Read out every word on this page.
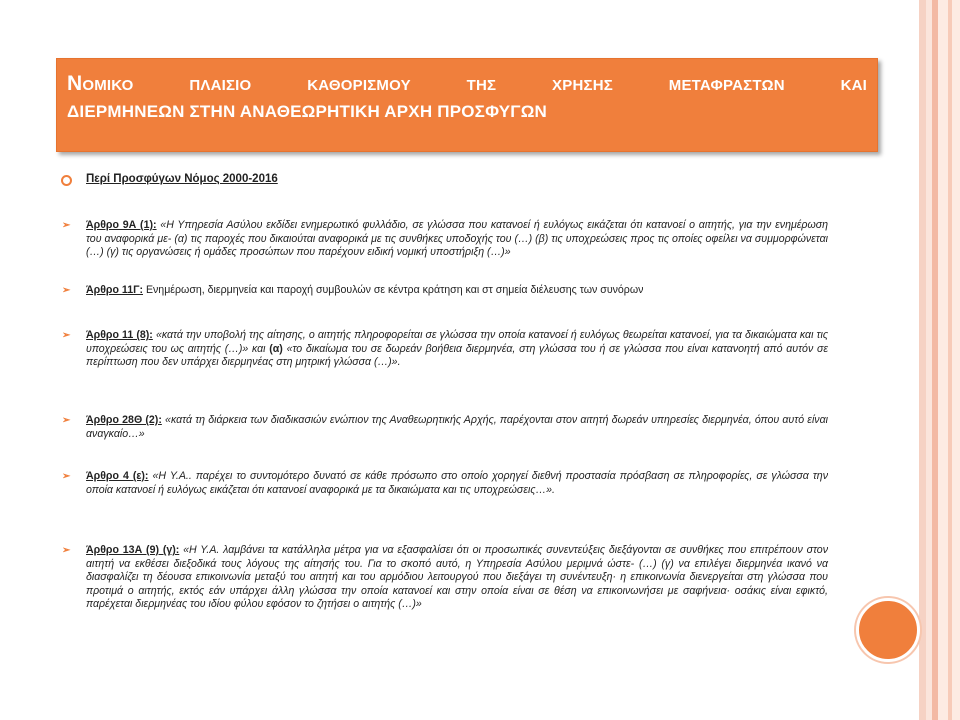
Νομικο πλαισιο καθορισμου της χρησης μεταφραστων και
ΔΙΕΡΜΗΝΕΩΝ ΣΤΗΝ ΑΝΑΘΕΩΡΗΤΙΚΗ ΑΡΧΗ ΠΡΟΣΦΥΓΩΝ
Περί Προσφύγων Νόμος 2000-2016
➢ Άρθρο 9Α (1): «Η Υπηρεσία Ασύλου εκδίδει ενημερωτικό φυλλάδιο, σε γλώσσα που κατανοεί ή ευλόγως εικάζεται ότι κατανοεί ο αιτητής, για την ενημέρωση του αναφορικά με- (α) τις παροχές που δικαιούται αναφορικά με τις συνθήκες υποδοχής του (…) (β) τις υποχρεώσεις προς τις οποίες οφείλει να συμμορφώνεται (…) (γ) τις οργανώσεις ή ομάδες προσώπων που παρέχουν ειδική νομική υποστήριξη (…)»
➢ Άρθρο 11Γ: Ενημέρωση, διερμηνεία και παροχή συμβουλών σε κέντρα κράτηση και στ σημεία διέλευσης των συνόρων
➢ Άρθρο 11 (8): «κατά την υποβολή της αίτησης, ο αιτητής πληροφορείται σε γλώσσα την οποία κατανοεί ή ευλόγως θεωρείται κατανοεί, για τα δικαιώματα και τις υποχρεώσεις του ως αιτητής (…)» και (α) «το δικαίωμα του σε δωρεάν βοήθεια διερμηνέα, στη γλώσσα του ή σε γλώσσα που είναι κατανοητή από αυτόν σε περίπτωση που δεν υπάρχει διερμηνέας στη μητρική γλώσσα (…)».
➢ Άρθρο 28Θ (2): «κατά τη διάρκεια των διαδικασιών ενώπιον της Αναθεωρητικής Αρχής, παρέχονται στον αιτητή δωρεάν υπηρεσίες διερμηνέα, όπου αυτό είναι αναγκαίο…»
➢ Άρθρο 4 (ε): «Η Υ.Α.. παρέχει το συντομότερο δυνατό σε κάθε πρόσωπο στο οποίο χορηγεί διεθνή προστασία πρόσβαση σε πληροφορίες, σε γλώσσα την οποία κατανοεί ή ευλόγως εικάζεται ότι κατανοεί αναφορικά με τα δικαιώματα και τις υποχρεώσεις…».
➢ Άρθρο 13Α (9) (γ): «Η Υ.Α. λαμβάνει τα κατάλληλα μέτρα για να εξασφαλίσει ότι οι προσωπικές συνεντεύξεις διεξάγονται σε συνθήκες που επιτρέπουν στον αιτητή να εκθέσει διεξοδικά τους λόγους της αίτησής του. Για το σκοπό αυτό, η Υπηρεσία Ασύλου μεριμνά ώστε- (…) (γ) να επιλέγει διερμηνέα ικανό να διασφαλίζει τη δέουσα επικοινωνία μεταξύ του αιτητή και του αρμόδιου λειτουργού που διεξάγει τη συνέντευξη· η επικοινωνία διενεργείται στη γλώσσα που προτιμά ο αιτητής, εκτός εάν υπάρχει άλλη γλώσσα την οποία κατανοεί και στην οποία είναι σε θέση να επικοινωνήσει με σαφήνεια· οσάκις είναι εφικτό, παρέχεται διερμηνέας του ιδίου φύλου εφόσον το ζητήσει ο αιτητής (…)»
